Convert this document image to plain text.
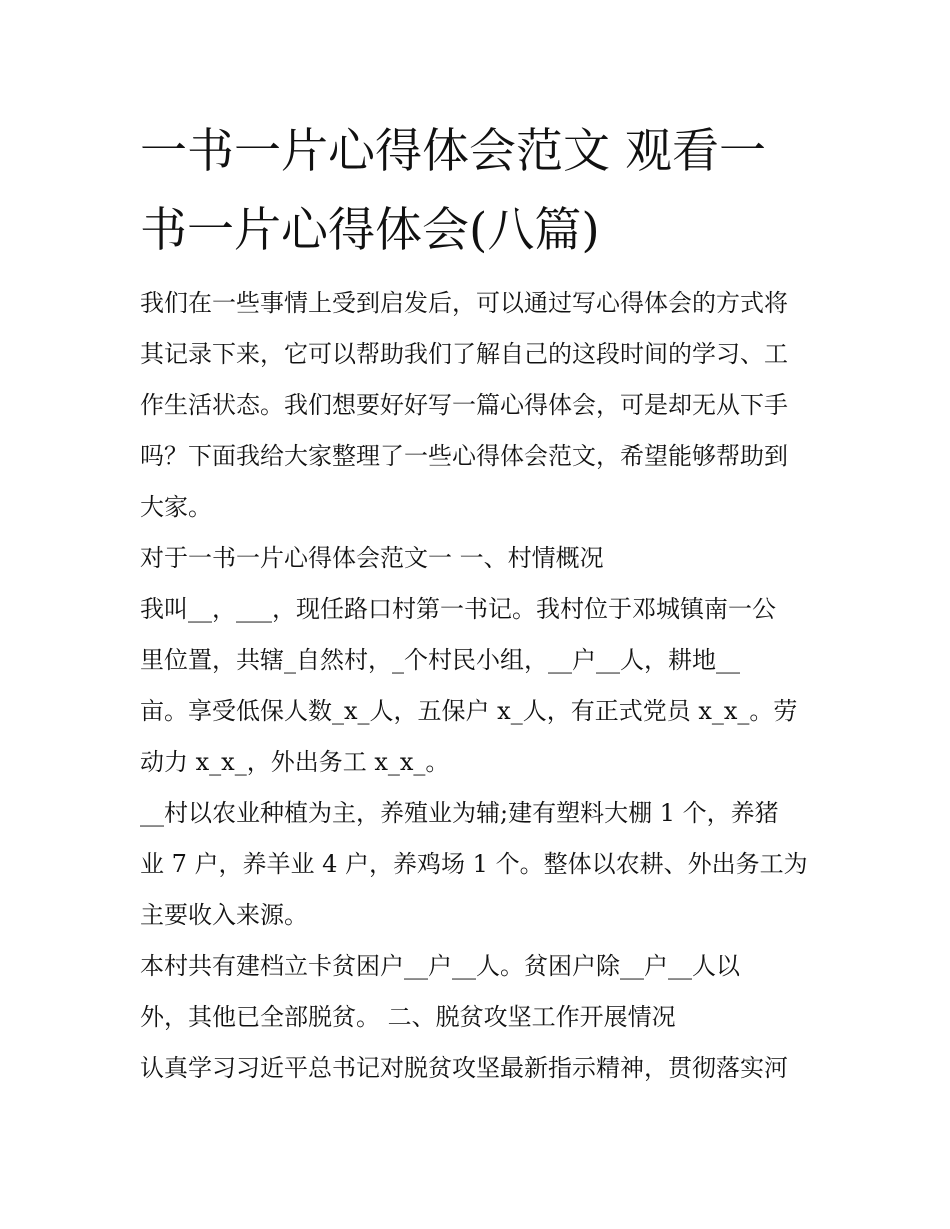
一书一片心得体会范文 观看一
书一片心得体会(八篇)
我们在一些事情上受到启发后，可以通过写心得体会的方式将
其记录下来，它可以帮助我们了解自己的这段时间的学习、工
作生活状态。我们想要好好写一篇心得体会，可是却无从下手
吗？下面我给大家整理了一些心得体会范文，希望能够帮助到
大家。
对于一书一片心得体会范文一 一、村情概况
我叫__，___，现任路口村第一书记。我村位于邓城镇南一公
里位置，共辖_自然村，_个村民小组，__户__人，耕地__
亩。享受低保人数_x_人，五保户 x_人，有正式党员 x_x_。劳
动力 x_x_，外出务工 x_x_。
__村以农业种植为主，养殖业为辅;建有塑料大棚 1 个，养猪
业 7 户，养羊业 4 户，养鸡场 1 个。整体以农耕、外出务工为
主要收入来源。
本村共有建档立卡贫困户__户__人。贫困户除__户__人以
外，其他已全部脱贫。 二、脱贫攻坚工作开展情况
认真学习习近平总书记对脱贫攻坚最新指示精神，贯彻落实河
